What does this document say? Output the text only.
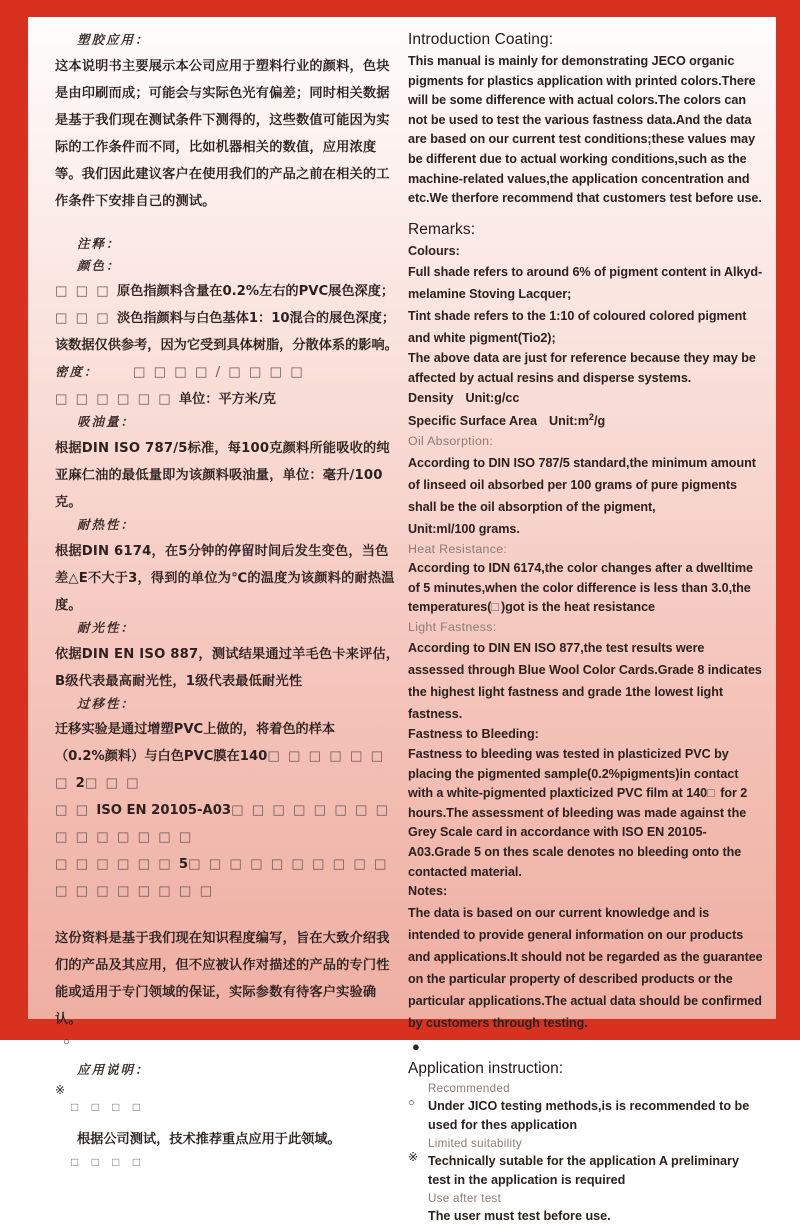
塑胶应用：

这本说明书主要展示本公司应用于塑料行业的颜料，色块是由印刷而成；可能会与实际色光有偏差；同时相关数据是基于我们现在测试条件下测得的，这些数值可能因为实际的工作条件而不同，比如机器相关的数值，应用浓度等。我们因此建议客户在使用我们的产品之前在相关的工作条件下安排自己的测试。

注释：
颜色：
□ □ □ 原色指颜料含量在0.2%左右的PVC展色深度；
□ □ □ 淡色指颜料与白色基体1：10混合的展色深度；
该数据仅供参考，因为它受到具体树脂，分散体系的影响。
密度：	□ □ □ □ / □ □ □ □
□ □ □ □ □ □ 单位：平方米/克
吸油量：

根据DIN ISO 787/5标准，每100克颜料所能吸收的纯亚麻仁油的最低量即为该颜料吸油量，单位：毫升/100克。

耐热性：

根据DIN 6174，在5分钟的停留时间后发生变色，当色差△E不大于3，得到的单位为℃的温度为该颜料的耐热温度。

耐光性：

依据DIN EN ISO 887，测试结果通过羊毛色卡来评估，B级代表最高耐光性，1级代表最低耐光性

过移性：
迁移实验是通过增塑PVC上做的，将着色的样本
（0.2%颜料）与白色PVC膜在140□ □ □ □ □ □ □ 2□ □ □
□ □ ISO EN 20105-A03□ □ □ □ □ □ □ □ □ □ □ □ □ □ □
□ □ □ □ □ □ 5□ □ □ □ □ □ □ □ □ □ □ □ □ □ □ □ □ □

这份资料是基于我们现在知识程度编写，旨在大致介绍我们的产品及其应用，但不应被认作对描述的产品的专门性能或适用于专门领域的保证，实际参数有待客户实验确认。

○
应用说明：
※
□ □ □ □
根据公司测试，技术推荐重点应用于此领域。
□ □ □ □
Introduction Coating:

This manual is mainly for demonstrating JECO organic pigments for plastics application with printed colors.There will be some difference with actual colors.The colors can not be used to test the various fastness data.And the data are based on our current test conditions;these values may be different due to actual working conditions,such as the machine-related values,the application concentration and etc.We therfore recommend that customers test before use.

Remarks:
Colours:

Full shade refers to around 6% of pigment content in Alkyd-melamine Stoving Lacquer;

Tint shade refers to the 1:10 of coloured colored pigment and white pigment(Tio2);

The above data are just for reference because they may be affected by actual resins and disperse systems.

Density Unit:g/cc
Specific Surface Area $Unit:m^2/g$
Oil Absorption:

According to DIN ISO 787/5 standard,the minimum amount of linseed oil absorbed per 100 grams of pure pigments shall be the oil absorption of the pigment,

Unit:ml/100 grams.
Heat Resistance:

According to IDN 6174,the color changes after a dwelltime of 5 minutes,when the color difference is less than 3.0,the temperatures(□)got is the heat resistance

Light Fastness:

According to DIN EN ISO 877,the test results were assessed through Blue Wool Color Cards.Grade 8 indicates the highest light fastness and grade 1the lowest light fastness.

Fastness to Bleeding:

Fastness to bleeding was tested in plasticized PVC by placing the pigmented sample(0.2%pigments)in contact with a white-pigmented plaxticized PVC film at 140□ for 2 hours.The assessment of bleeding was made against the Grey Scale card in accordance with ISO EN 20105-A03.Grade 5 on thes scale denotes no bleeding onto the contacted material.

Notes:

The data is based on our current knowledge and is intended to provide general information on our products and applications.It should not be regarded as the guarantee on the particular property of described products or the particular applications.The actual data should be confirmed by customers through testing.

●
Application instruction:
○
Recommended
Under JICO testing methods,is is recommended to be used for thes application
※
Limited suitability
Technically sutable for the application A preliminary test in the application is required
Use after test
The user must test before use.
